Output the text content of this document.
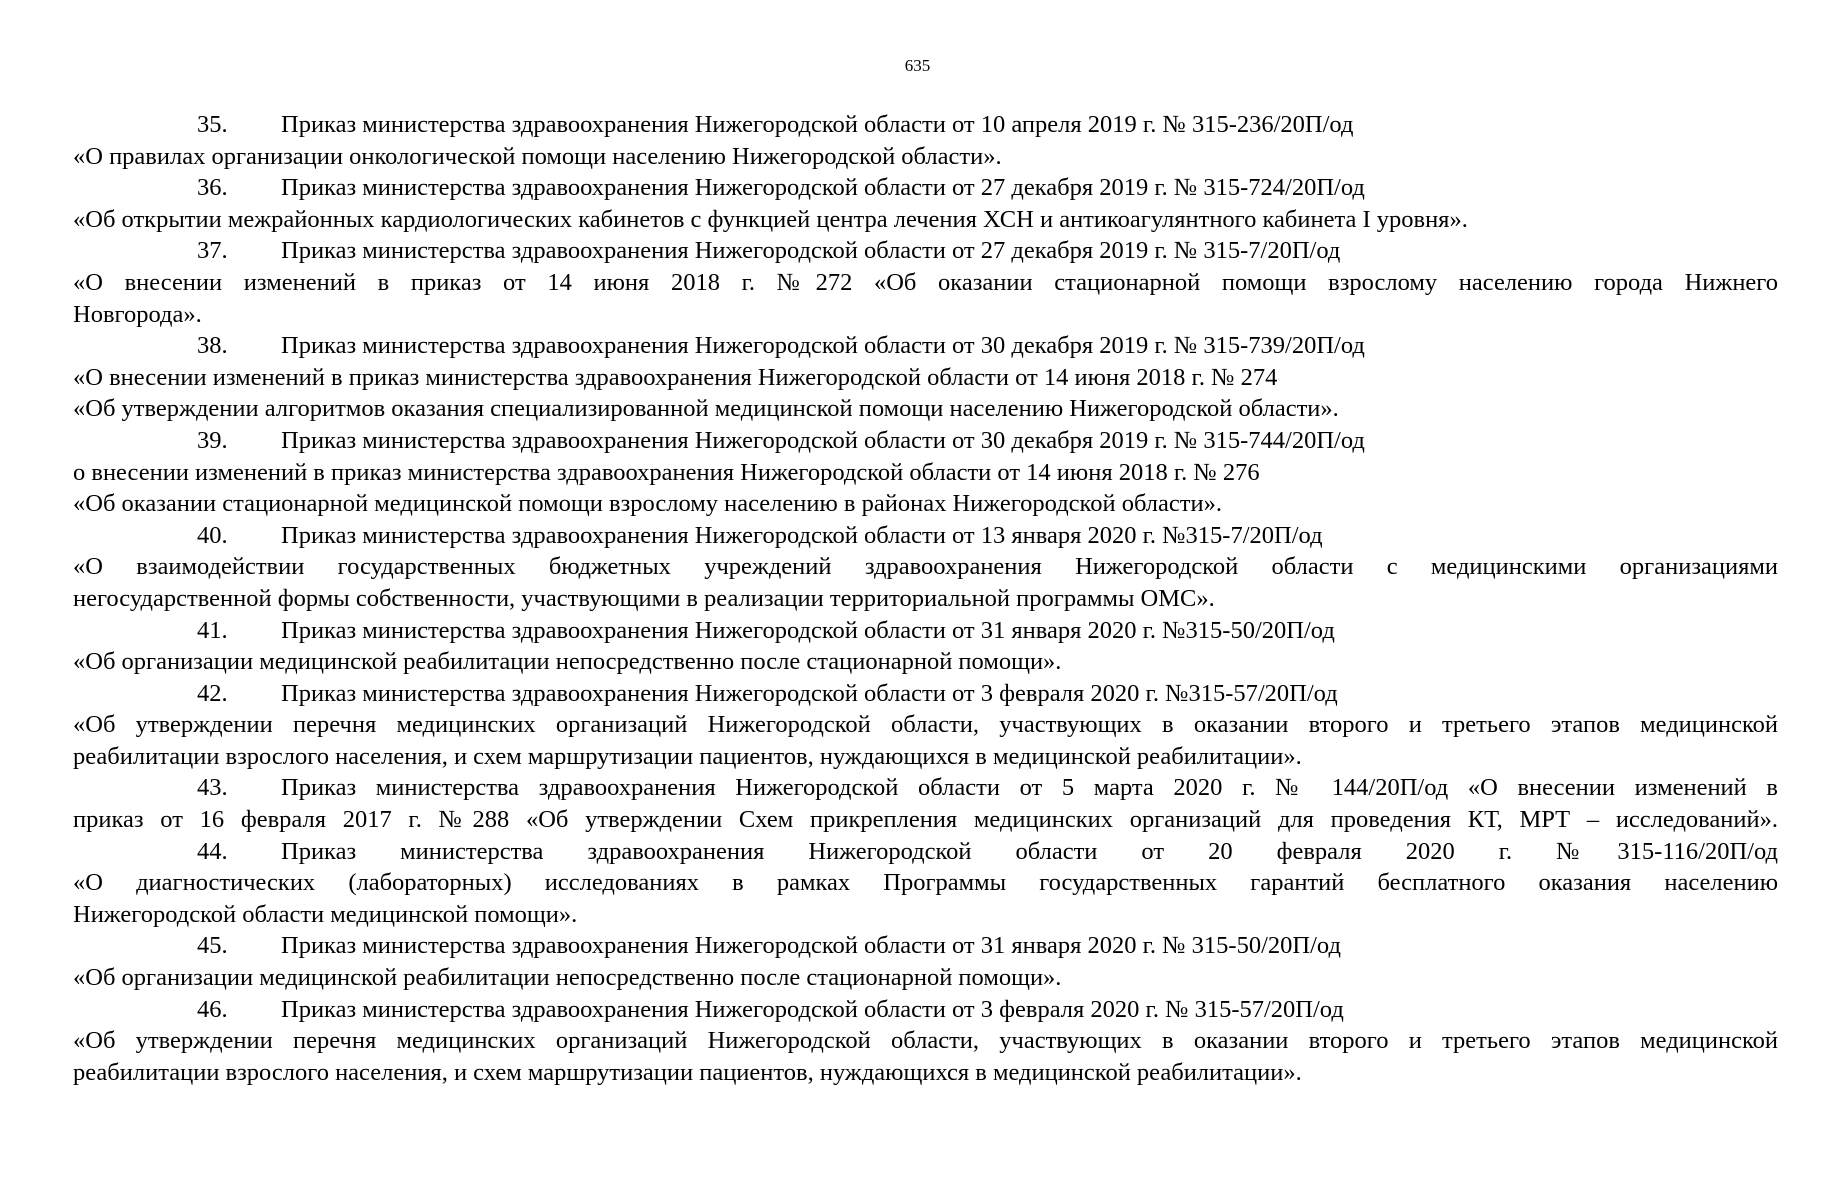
635
35. Приказ министерства здравоохранения Нижегородской области от 10 апреля 2019 г. № 315-236/20П/од
«О правилах организации онкологической помощи населению Нижегородской области».
36. Приказ министерства здравоохранения Нижегородской области от 27 декабря 2019 г. № 315-724/20П/од
«Об открытии межрайонных кардиологических кабинетов с функцией центра лечения ХСН и антикоагулянтного кабинета I уровня».
37. Приказ министерства здравоохранения Нижегородской области от 27 декабря 2019 г. № 315-7/20П/од
«О внесении изменений в приказ от 14 июня 2018 г. №272 «Об оказании стационарной помощи взрослому населению города Нижнего
Новгорода».
38. Приказ министерства здравоохранения Нижегородской области от 30 декабря 2019 г. № 315-739/20П/од
«О внесении изменений в приказ министерства здравоохранения Нижегородской области от 14 июня 2018 г. № 274
«Об утверждении алгоритмов оказания специализированной медицинской помощи населению Нижегородской области».
39. Приказ министерства здравоохранения Нижегородской области от 30 декабря 2019 г. № 315-744/20П/од
о внесении изменений в приказ министерства здравоохранения Нижегородской области от 14 июня 2018 г. № 276
«Об оказании стационарной медицинской помощи взрослому населению в районах Нижегородской области».
40. Приказ министерства здравоохранения Нижегородской области от 13 января 2020 г. №315-7/20П/од
«О взаимодействии государственных бюджетных учреждений здравоохранения Нижегородской области с медицинскими организациями
негосударственной формы собственности, участвующими в реализации территориальной программы ОМС».
41. Приказ министерства здравоохранения Нижегородской области от 31 января 2020 г. №315-50/20П/од
«Об организации медицинской реабилитации непосредственно после стационарной помощи».
42. Приказ министерства здравоохранения Нижегородской области от 3 февраля 2020 г. №315-57/20П/од
«Об утверждении перечня медицинских организаций Нижегородской области, участвующих в оказании второго и третьего этапов медицинской
реабилитации взрослого населения, и схем маршрутизации пациентов, нуждающихся в медицинской реабилитации».
43. Приказ министерства здравоохранения Нижегородской области от 5 марта 2020 г. № 144/20П/од «О внесении изменений в
приказ от 16 февраля 2017 г. №288 «Об утверждении Схем прикрепления медицинских организаций для проведения КТ, МРТ – исследований».
44. Приказ министерства здравоохранения Нижегородской области от 20 февраля 2020 г. №315-116/20П/од
«О диагностических (лабораторных) исследованиях в рамках Программы государственных гарантий бесплатного оказания населению
Нижегородской области медицинской помощи».
45. Приказ министерства здравоохранения Нижегородской области от 31 января 2020 г. № 315-50/20П/од
«Об организации медицинской реабилитации непосредственно после стационарной помощи».
46. Приказ министерства здравоохранения Нижегородской области от 3 февраля 2020 г. № 315-57/20П/од
«Об утверждении перечня медицинских организаций Нижегородской области, участвующих в оказании второго и третьего этапов медицинской
реабилитации взрослого населения, и схем маршрутизации пациентов, нуждающихся в медицинской реабилитации».
